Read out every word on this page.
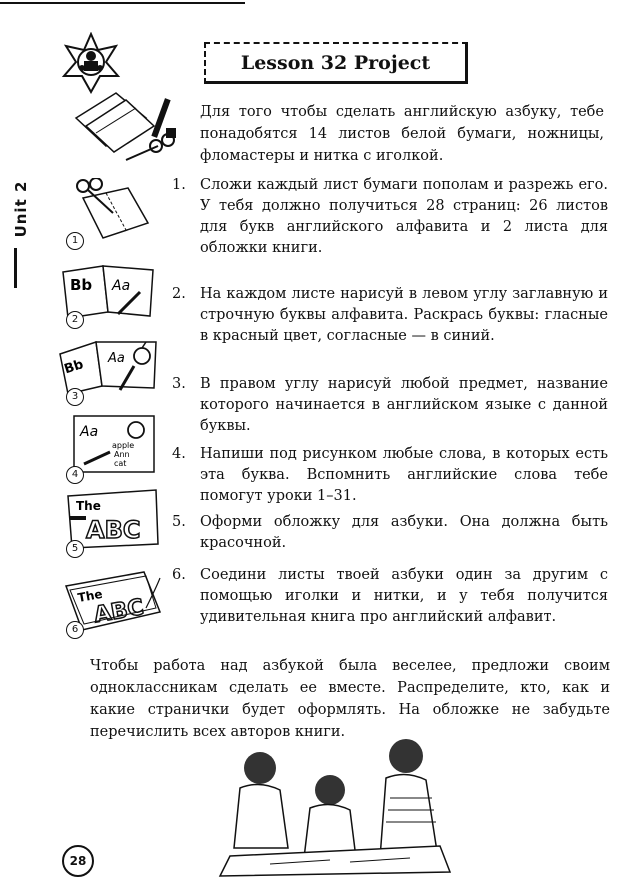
Unit 2
Lesson 32 Project
Для того чтобы сделать английскую азбуку, тебе понадобятся 14 листов белой бумаги, ножницы, фломастеры и нитка с иголкой.
1. Сложи каждый лист бумаги пополам и разрежь его. У тебя должно получиться 28 страниц: 26 листов для букв английского алфавита и 2 листа для обложки книги.
1
2. На каждом листе нарисуй в левом углу заглавную и строчную буквы алфавита. Раскрась буквы: гласные в красный цвет, согласные — в синий.
Bb Aa
2
3. В правом углу нарисуй любой предмет, название которого начинается в английском языке с данной буквы.
Bb Aa
3
4. Напиши под рисунком любые слова, в которых есть эта буква. Вспомнить английские слова тебе помогут уроки 1–31.
Aa
apple
Ann
cat
4
5. Оформи обложку для азбуки. Она должна быть красочной.
The
ABC
5
6. Соедини листы твоей азбуки один за другим с помощью иголки и нитки, и у тебя получится удивительная книга про английский алфавит.
The
ABC
6
Чтобы работа над азбукой была веселее, предложи своим одноклассникам сделать ее вместе. Распределите, кто, как и какие странички будет оформлять. На обложке не забудьте перечислить всех авторов книги.
28
